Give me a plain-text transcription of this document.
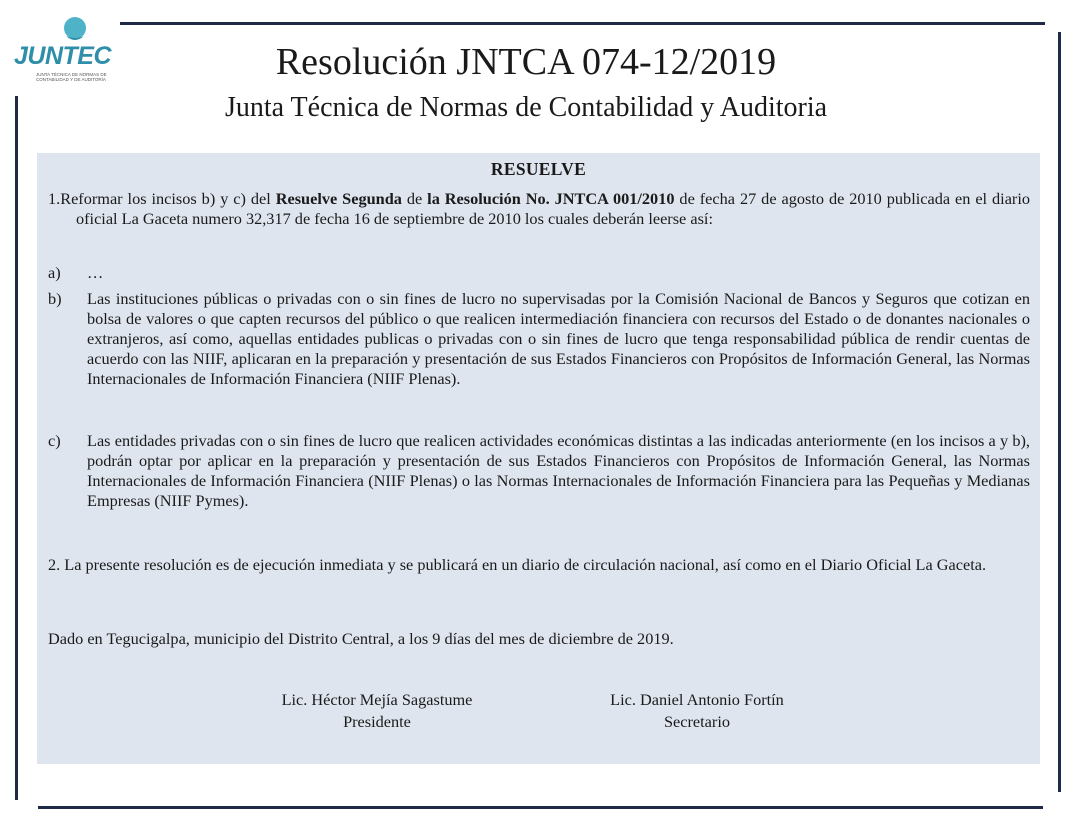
JUNTEC
JUNTA TÉCNICA DE NORMAS DE CONTABILIDAD Y DE AUDITORÍA	Resolución JNTCA 074-12/2019
Junta Técnica de Normas de Contabilidad y Auditoria
RESUELVE
1.Reformar los incisos b) y c) del Resuelve Segunda de la Resolución No. JNTCA 001/2010 de fecha 27 de agosto de 2010 publicada en el diario oficial La Gaceta numero 32,317 de fecha 16 de septiembre de 2010 los cuales deberán leerse así:
a) …
b) Las instituciones públicas o privadas con o sin fines de lucro no supervisadas por la Comisión Nacional de Bancos y Seguros que cotizan en bolsa de valores o que capten recursos del público o que realicen intermediación financiera con recursos del Estado o de donantes nacionales o extranjeros, así como, aquellas entidades publicas o privadas con o sin fines de lucro que tenga responsabilidad pública de rendir cuentas de acuerdo con las NIIF, aplicaran en la preparación y presentación de sus Estados Financieros con Propósitos de Información General, las Normas Internacionales de Información Financiera (NIIF Plenas).
c) Las entidades privadas con o sin fines de lucro que realicen actividades económicas distintas a las indicadas anteriormente (en los incisos a y b), podrán optar por aplicar en la preparación y presentación de sus Estados Financieros con Propósitos de Información General, las Normas Internacionales de Información Financiera (NIIF Plenas) o las Normas Internacionales de Información Financiera para las Pequeñas y Medianas Empresas (NIIF Pymes).
2. La presente resolución es de ejecución inmediata y se publicará en un diario de circulación nacional, así como en el Diario Oficial La Gaceta.
Dado en Tegucigalpa, municipio del Distrito Central, a los 9 días del mes de diciembre de 2019.
Lic. Héctor Mejía Sagastume
Presidente
Lic. Daniel Antonio Fortín
Secretario
